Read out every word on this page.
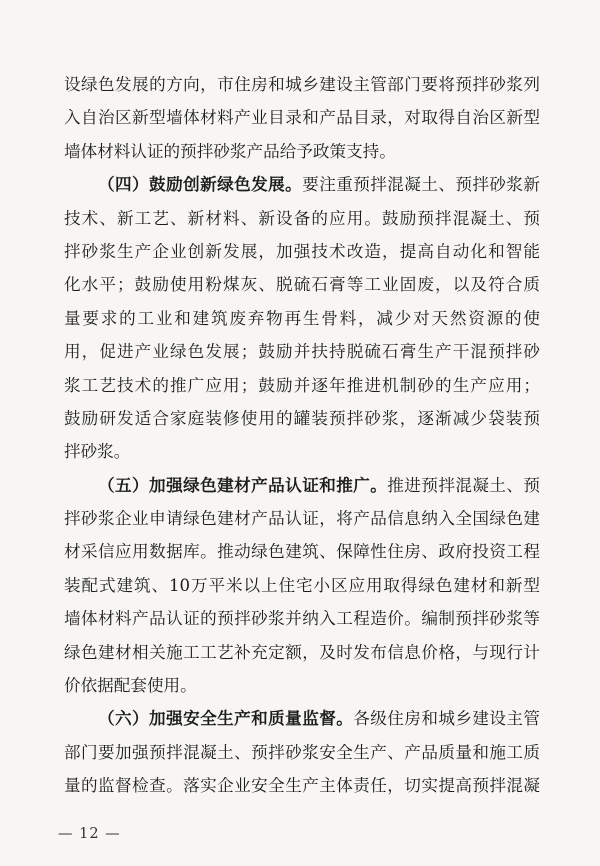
设绿色发展的方向，市住房和城乡建设主管部门要将预拌砂浆列
入自治区新型墙体材料产业目录和产品目录，对取得自治区新型
墙体材料认证的预拌砂浆产品给予政策支持。
（四）鼓励创新绿色发展。要注重预拌混凝土、预拌砂浆新
技术、新工艺、新材料、新设备的应用。鼓励预拌混凝土、预
拌砂浆生产企业创新发展，加强技术改造，提高自动化和智能
化水平；鼓励使用粉煤灰、脱硫石膏等工业固废，以及符合质
量要求的工业和建筑废弃物再生骨料，减少对天然资源的使
用，促进产业绿色发展；鼓励并扶持脱硫石膏生产干混预拌砂
浆工艺技术的推广应用；鼓励并逐年推进机制砂的生产应用；
鼓励研发适合家庭装修使用的罐装预拌砂浆，逐渐减少袋装预
拌砂浆。
（五）加强绿色建材产品认证和推广。推进预拌混凝土、预
拌砂浆企业申请绿色建材产品认证，将产品信息纳入全国绿色建
材采信应用数据库。推动绿色建筑、保障性住房、政府投资工程
装配式建筑、10万平米以上住宅小区应用取得绿色建材和新型
墙体材料产品认证的预拌砂浆并纳入工程造价。编制预拌砂浆等
绿色建材相关施工工艺补充定额，及时发布信息价格，与现行计
价依据配套使用。
（六）加强安全生产和质量监督。各级住房和城乡建设主管
部门要加强预拌混凝土、预拌砂浆安全生产、产品质量和施工质
量的监督检查。落实企业安全生产主体责任，切实提高预拌混凝
— 12 —
